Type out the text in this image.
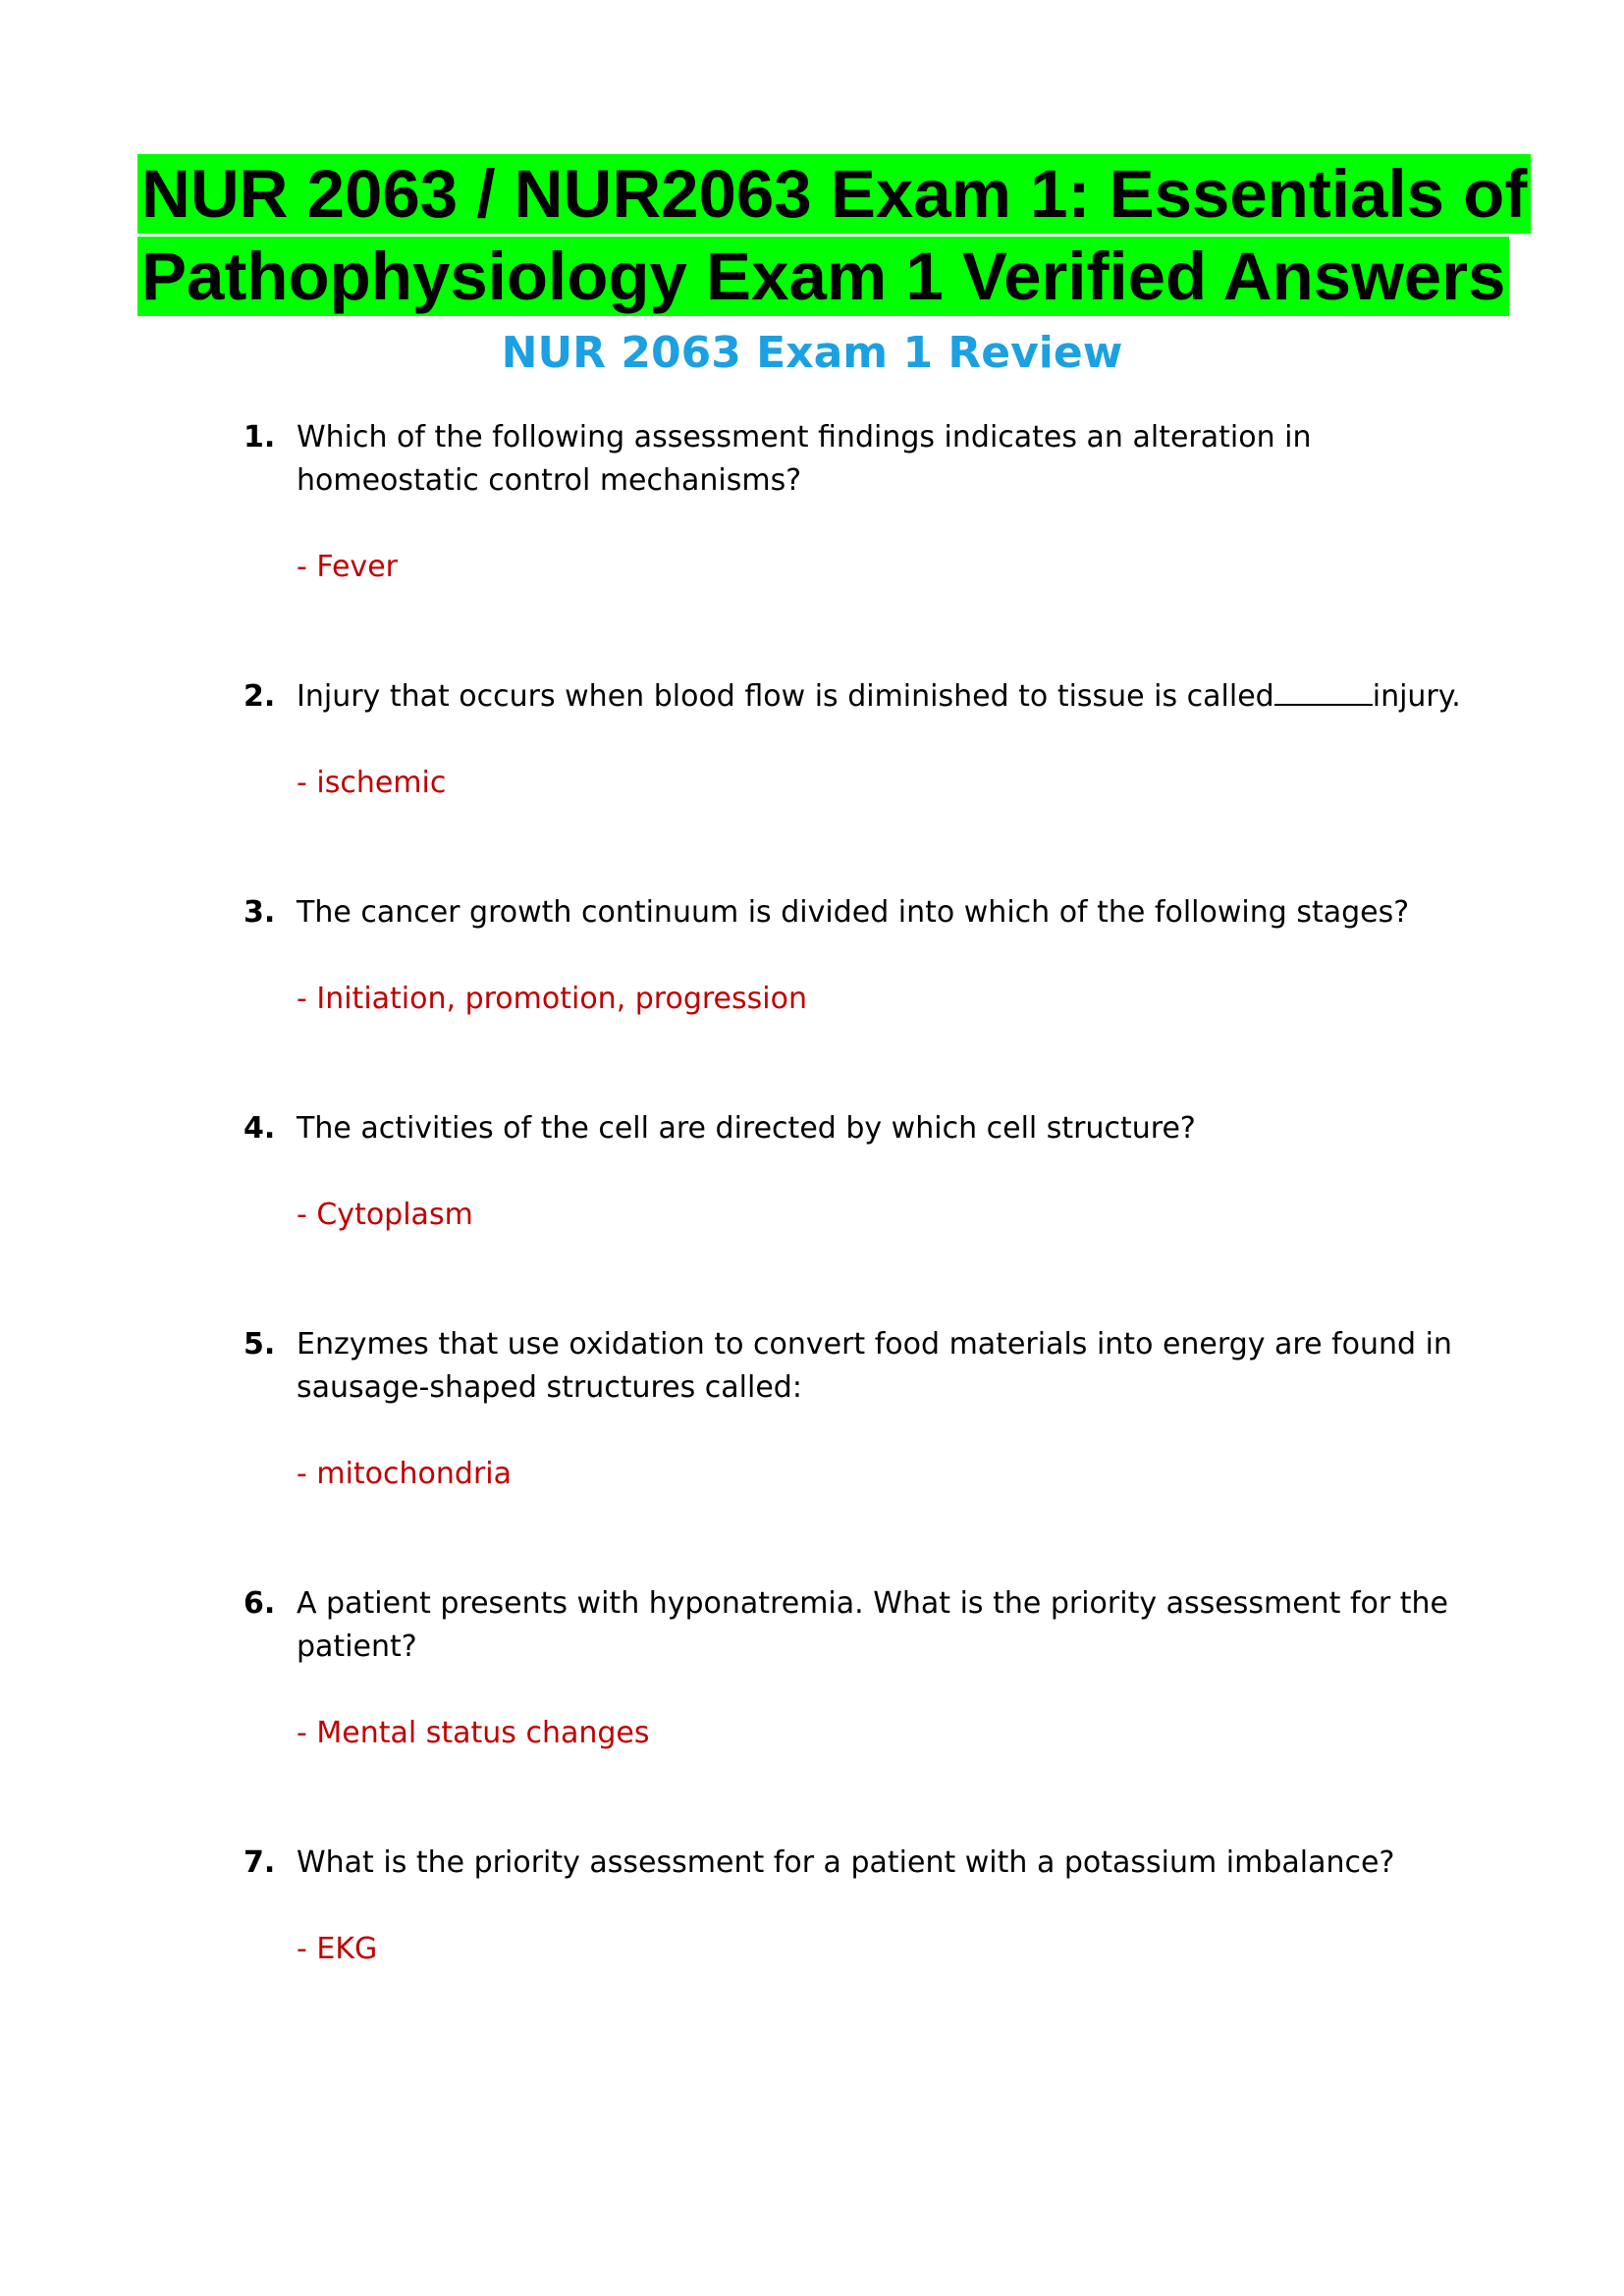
NUR 2063 / NUR2063 Exam 1: Essentials of
Pathophysiology Exam 1 Verified Answers
NUR 2063 Exam 1 Review
1. Which of the following assessment findings indicates an alteration in homeostatic control mechanisms?
- Fever
2. Injury that occurs when blood flow is diminished to tissue is called	injury.
- ischemic
3. The cancer growth continuum is divided into which of the following stages?
- Initiation, promotion, progression
4. The activities of the cell are directed by which cell structure?
- Cytoplasm
5. Enzymes that use oxidation to convert food materials into energy are found in sausage-shaped structures called:
- mitochondria
6. A patient presents with hyponatremia. What is the priority assessment for the patient?
- Mental status changes
7. What is the priority assessment for a patient with a potassium imbalance?
- EKG
